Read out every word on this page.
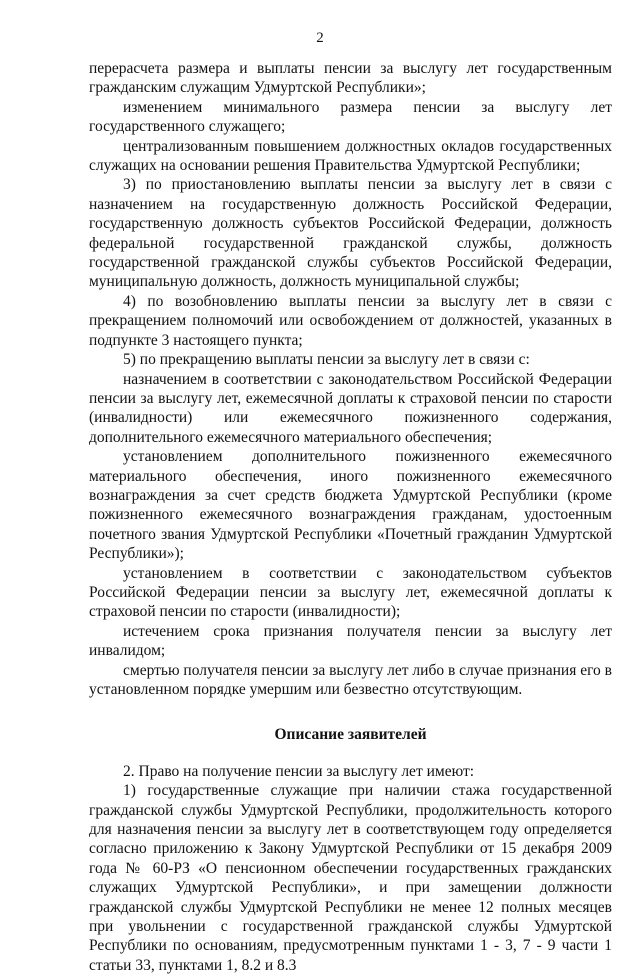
2

перерасчета размера и выплаты пенсии за выслугу лет государственным гражданским служащим Удмуртской Республики»;

изменением минимального размера пенсии за выслугу лет государственного служащего;

централизованным повышением должностных окладов государственных служащих на основании решения Правительства Удмуртской Республики;

3) по приостановлению выплаты пенсии за выслугу лет в связи с назначением на государственную должность Российской Федерации, государственную должность субъектов Российской Федерации, должность федеральной государственной гражданской службы, должность государственной гражданской службы субъектов Российской Федерации, муниципальную должность, должность муниципальной службы;

4) по возобновлению выплаты пенсии за выслугу лет в связи с прекращением полномочий или освобождением от должностей, указанных в подпункте 3 настоящего пункта;

5) по прекращению выплаты пенсии за выслугу лет в связи с:

назначением в соответствии с законодательством Российской Федерации пенсии за выслугу лет, ежемесячной доплаты к страховой пенсии по старости (инвалидности) или ежемесячного пожизненного содержания, дополнительного ежемесячного материального обеспечения;

установлением дополнительного пожизненного ежемесячного материального обеспечения, иного пожизненного ежемесячного вознаграждения за счет средств бюджета Удмуртской Республики (кроме пожизненного ежемесячного вознаграждения гражданам, удостоенным почетного звания Удмуртской Республики «Почетный гражданин Удмуртской Республики»);

установлением в соответствии с законодательством субъектов Российской Федерации пенсии за выслугу лет, ежемесячной доплаты к страховой пенсии по старости (инвалидности);

истечением срока признания получателя пенсии за выслугу лет инвалидом;

смертью получателя пенсии за выслугу лет либо в случае признания его в установленном порядке умершим или безвестно отсутствующим.

Описание заявителей

2. Право на получение пенсии за выслугу лет имеют:

1) государственные служащие при наличии стажа государственной гражданской службы Удмуртской Республики, продолжительность которого для назначения пенсии за выслугу лет в соответствующем году определяется согласно приложению к Закону Удмуртской Республики от 15 декабря 2009 года № 60-РЗ «О пенсионном обеспечении государственных гражданских служащих Удмуртской Республики», и при замещении должности гражданской службы Удмуртской Республики не менее 12 полных месяцев при увольнении с государственной гражданской службы Удмуртской Республики по основаниям, предусмотренным пунктами 1 - 3, 7 - 9 части 1 статьи 33, пунктами 1, 8.2 и 8.3
